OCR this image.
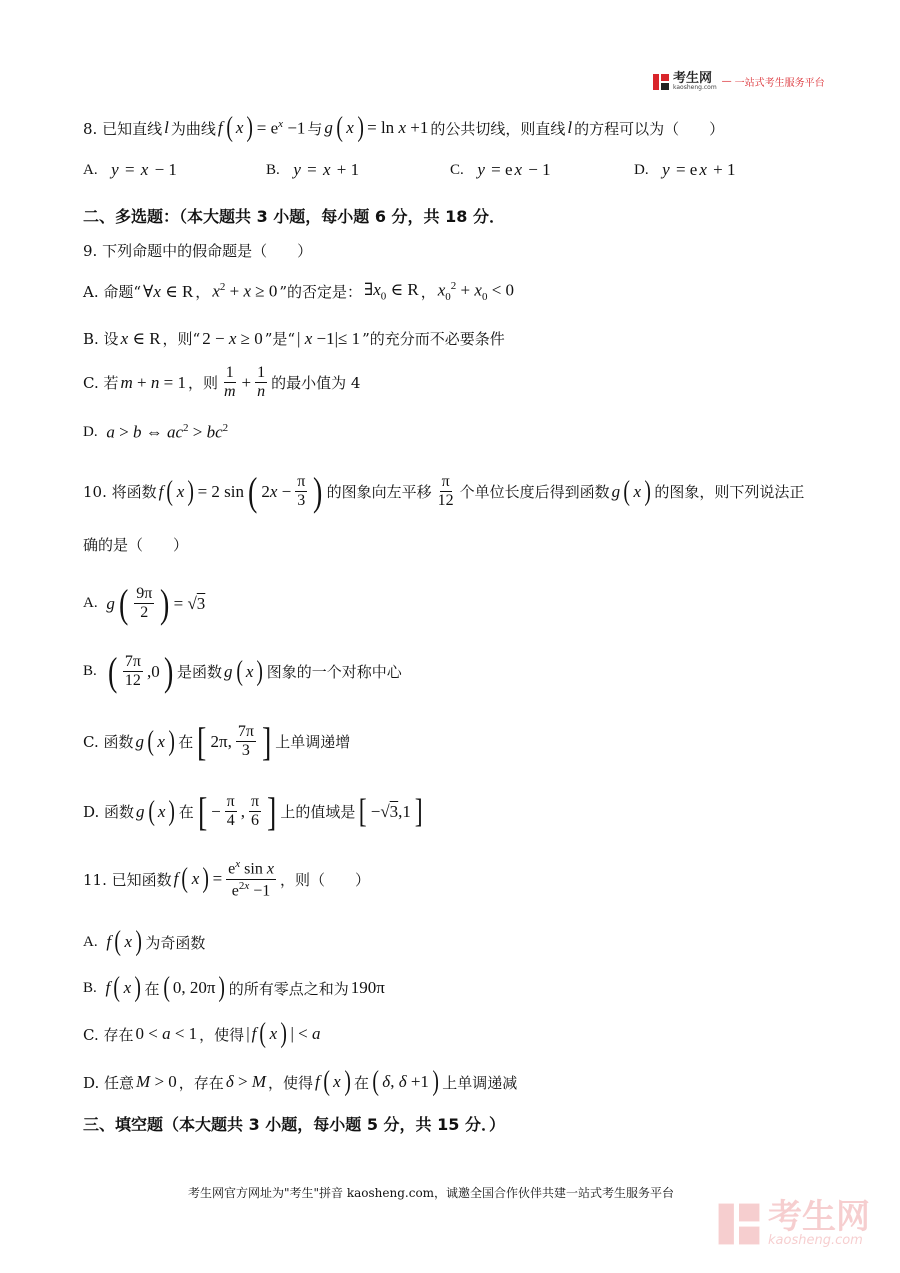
考生网
kaosheng.com
— 一站式考生服务平台
8. 已知直线 l 为曲线 f ( x ) = $e^x -1$ 与 g ( x ) = ln x +1 的公共切线，则直线 l 的方程可以为（　　）
A.
y = x − 1	B.
y = x + 1	C.
y = e x − 1	D.
y = e x + 1
二、多选题：（本大题共 3 小题，每小题 6 分，共 18 分．
9. 下列命题中的假命题是（　　）
A. 命题“ ∀x ∈ R ， $x^2 + x \ge 0$ ”的否定是： $\exists x_0$ ∈ R ， $x_0^2 + x_0 < 0$
B. 设 x ∈ R ，则“ 2 − x ≥ 0 ”是“ | x −1|≤ 1 ”的充分而不必要条件
C. 若 m + n = 1 ，则 $\frac{1}{m} + \frac{1}{n}$ 的最小值为 4
D.
a > b ⇔ $ac^2 > bc^2$
10. 将函数 f ( x ) = 2 sin ( $2x - \frac{\pi}{3}$ ) 的图象向左平移 $\frac{\pi}{12}$ 个单位长度后得到函数 g ( x ) 的图象，则下列说法正
确的是（　　）
A.
g ( $\frac{9\pi}{2}$ ) = √3
B.
( $\frac{7\pi}{12} ,0$ ) 是函数 g ( x ) 图象的一个对称中心
C. 函数 g ( x ) 在 [ 2π, $\frac{7\pi}{3}$ ] 上单调递增
D. 函数 g ( x ) 在 [ − $\frac{\pi}{4}$ , $\frac{\pi}{6}$ ] 上的值域是 [ −√3,1 ]
11. 已知函数 f ( x ) = $\frac{e^x \sin x}{e^{2x} -1}$ ，则（　　）
A.
f ( x ) 为奇函数
B.
f ( x ) 在 ( 0, 20π ) 的所有零点之和为 190π
C. 存在 0 < a < 1 ，使得 | f ( x ) | < a
D. 任意 M > 0 ，存在 δ > M ，使得 f ( x ) 在 ( δ, δ +1 ) 上单调递减
三、填空题（本大题共 3 小题，每小题 5 分，共 15 分．）
考生网官方网址为"考生"拼音 kaosheng.com，诚邀全国合作伙伴共建一站式考生服务平台
考生网
kaosheng.com
